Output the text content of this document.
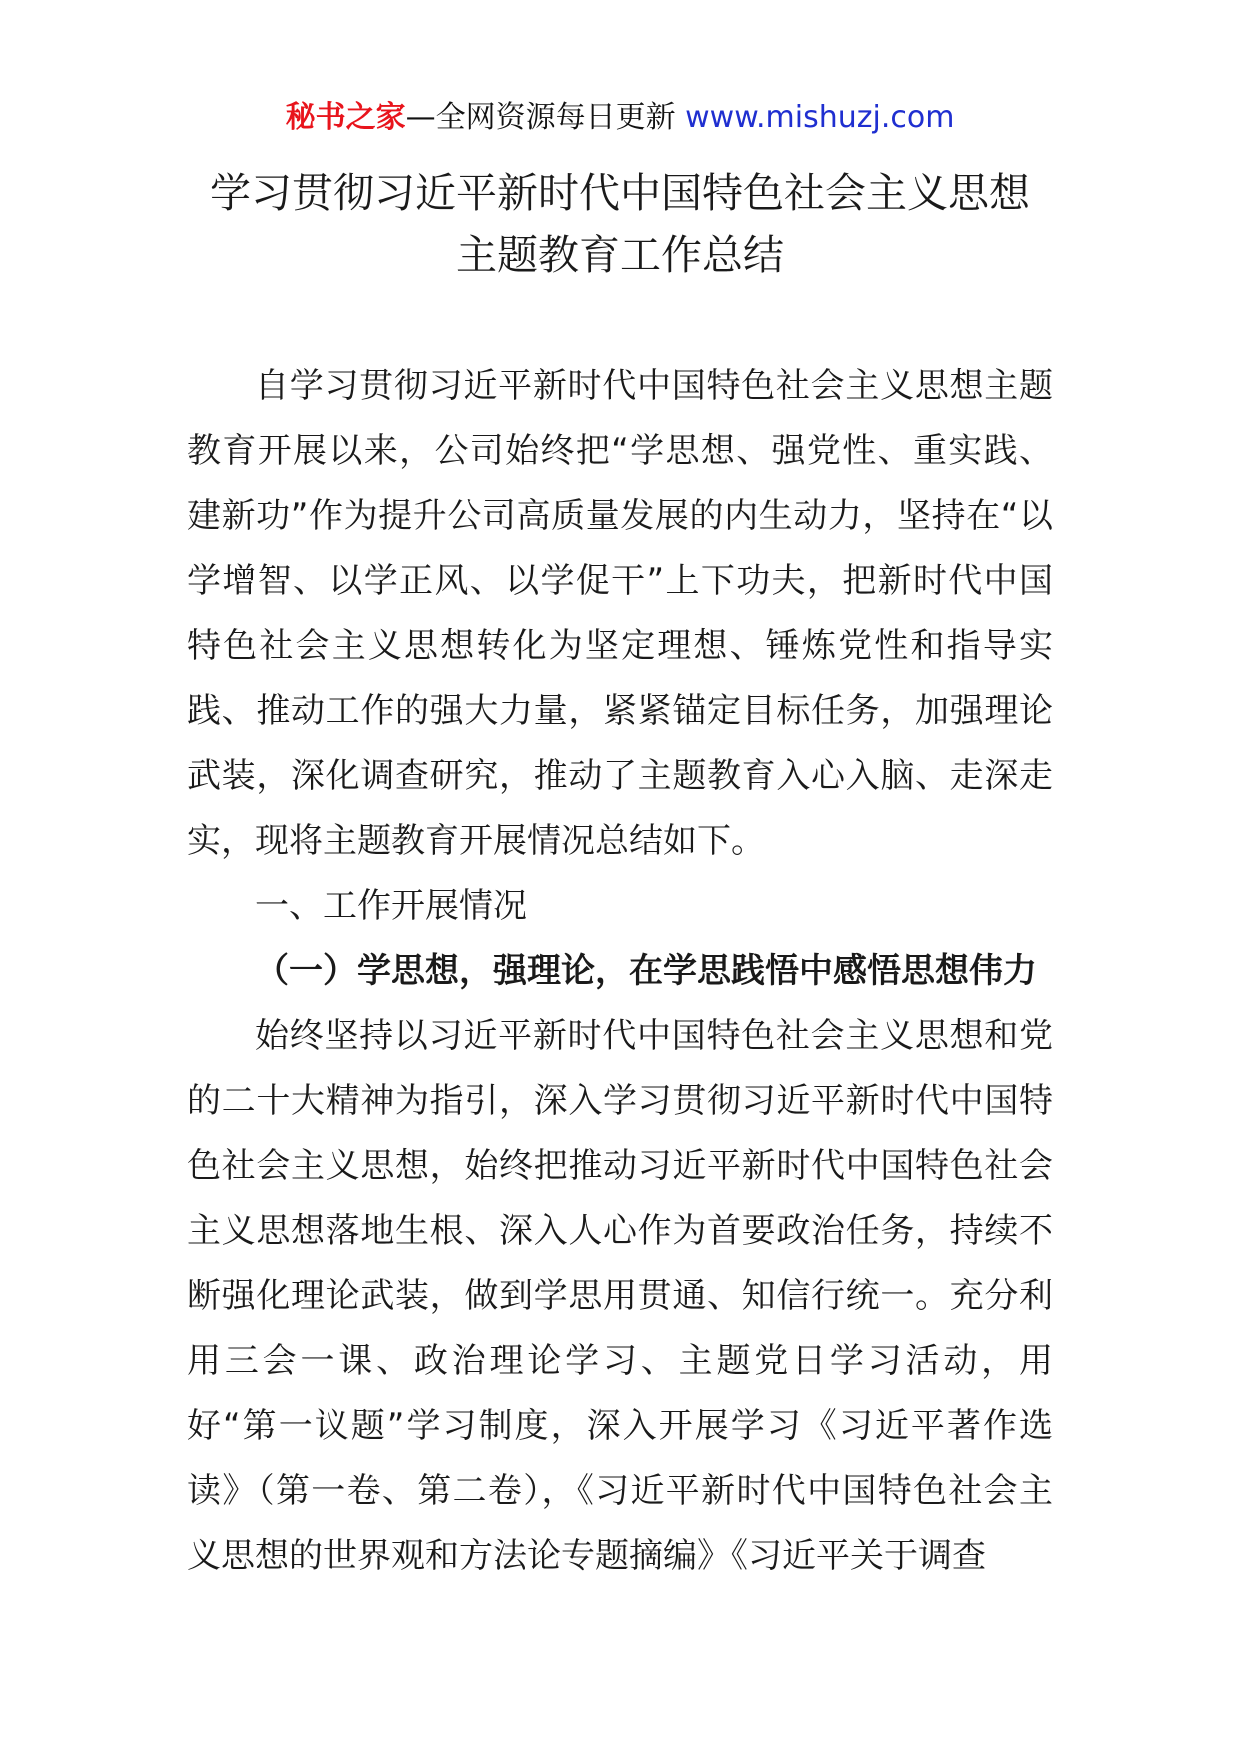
秘书之家—全网资源每日更新 www.mishuzj.com
学习贯彻习近平新时代中国特色社会主义思想
主题教育工作总结

自学习贯彻习近平新时代中国特色社会主义思想主题教育开展以来，公司始终把“学思想、强党性、重实践、建新功”作为提升公司高质量发展的内生动力，坚持在“以学增智、以学正风、以学促干”上下功夫，把新时代中国特色社会主义思想转化为坚定理想、锤炼党性和指导实践、推动工作的强大力量，紧紧锚定目标任务，加强理论武装，深化调查研究，推动了主题教育入心入脑、走深走实，现将主题教育开展情况总结如下。

一、工作开展情况

（一）学思想，强理论，在学思践悟中感悟思想伟力

始终坚持以习近平新时代中国特色社会主义思想和党的二十大精神为指引，深入学习贯彻习近平新时代中国特色社会主义思想，始终把推动习近平新时代中国特色社会主义思想落地生根、深入人心作为首要政治任务，持续不断强化理论武装，做到学思用贯通、知信行统一。充分利用三会一课、政治理论学习、主题党日学习活动，用好“第一议题”学习制度，深入开展学习《习近平著作选读》（第一卷、第二卷），《习近平新时代中国特色社会主义思想的世界观和方法论专题摘编》《习近平关于调查
